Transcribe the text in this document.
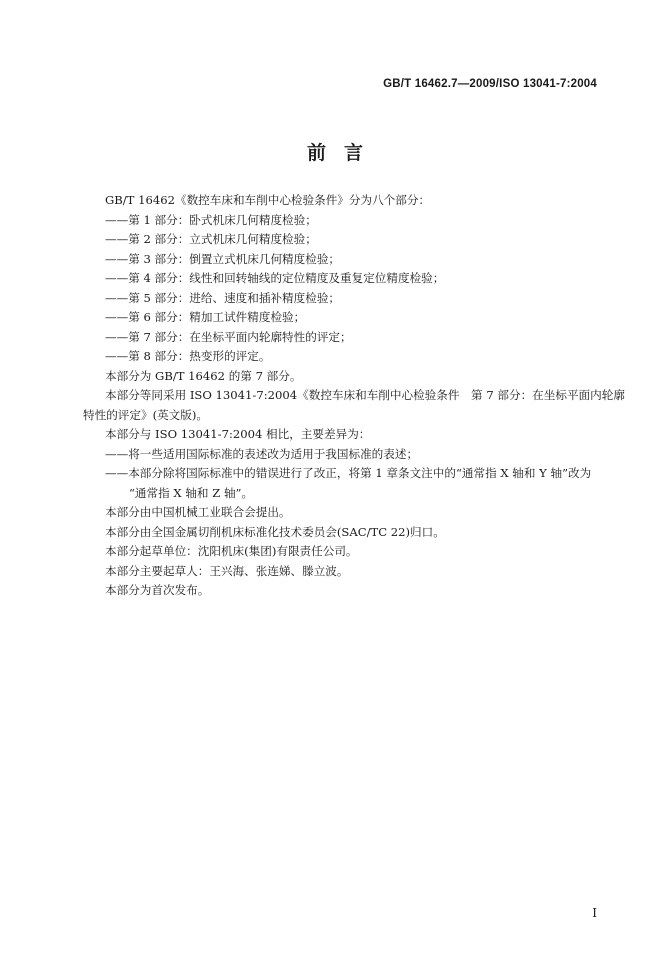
GB/T 16462.7—2009/ISO 13041-7:2004
前言
GB/T 16462《数控车床和车削中心检验条件》分为八个部分：
——第 1 部分：卧式机床几何精度检验；
——第 2 部分：立式机床几何精度检验；
——第 3 部分：倒置立式机床几何精度检验；
——第 4 部分：线性和回转轴线的定位精度及重复定位精度检验；
——第 5 部分：进给、速度和插补精度检验；
——第 6 部分：精加工试件精度检验；
——第 7 部分：在坐标平面内轮廓特性的评定；
——第 8 部分：热变形的评定。
本部分为 GB/T 16462 的第 7 部分。
本部分等同采用 ISO 13041-7:2004《数控车床和车削中心检验条件　第 7 部分：在坐标平面内轮廓
特性的评定》(英文版)。
本部分与 ISO 13041-7:2004 相比，主要差异为：
——将一些适用国际标准的表述改为适用于我国标准的表述；
——本部分除将国际标准中的错误进行了改正，将第 1 章条文注中的“通常指 X 轴和 Y 轴”改为
“通常指 X 轴和 Z 轴”。
本部分由中国机械工业联合会提出。
本部分由全国金属切削机床标准化技术委员会(SAC/TC 22)归口。
本部分起草单位：沈阳机床(集团)有限责任公司。
本部分主要起草人：王兴海、张连娣、滕立波。
本部分为首次发布。
I
